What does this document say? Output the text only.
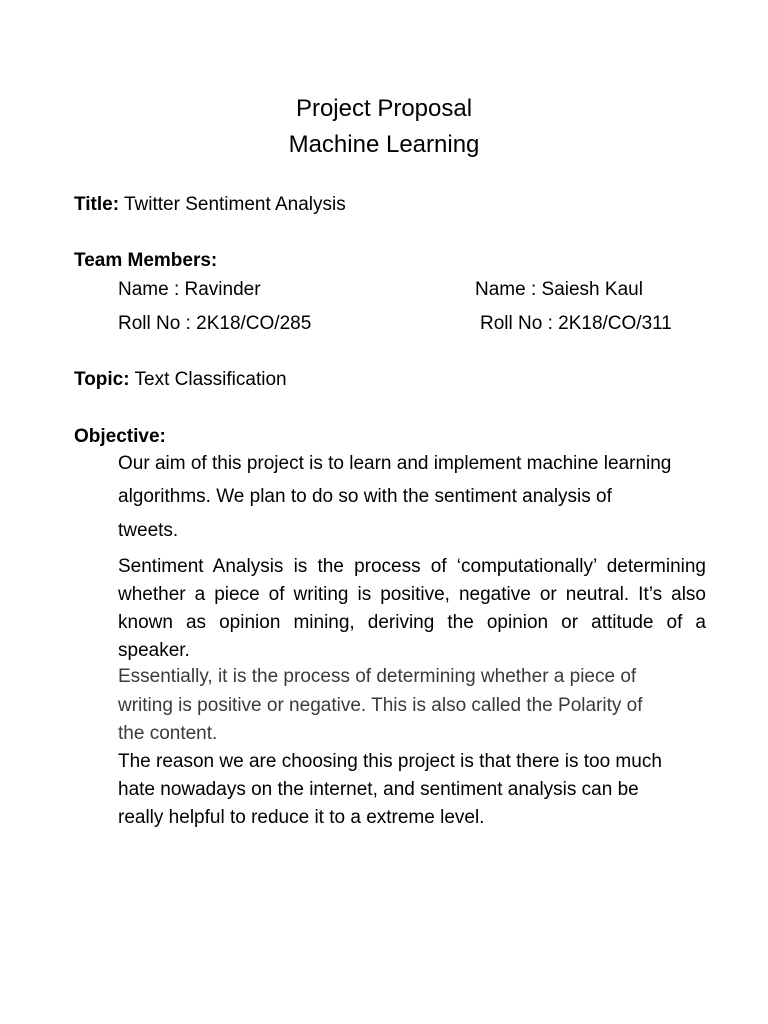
Project Proposal
Machine Learning
Title: Twitter Sentiment Analysis
Team Members:
Name : Ravinder	Name : Saiesh Kaul
Roll No : 2K18/CO/285	Roll No : 2K18/CO/311
Topic: Text Classification
Objective:
Our aim of this project is to learn and implement machine learning
algorithms. We plan to do so with the sentiment analysis of
tweets.
Sentiment Analysis is the process of ‘computationally’ determining
whether a piece of writing is positive, negative or neutral. It’s also
known as opinion mining, deriving the opinion or attitude of a
speaker.
Essentially, it is the process of determining whether a piece of
writing is positive or negative. This is also called the Polarity of
the content.
The reason we are choosing this project is that there is too much
hate nowadays on the internet, and sentiment analysis can be
really helpful to reduce it to a extreme level.
